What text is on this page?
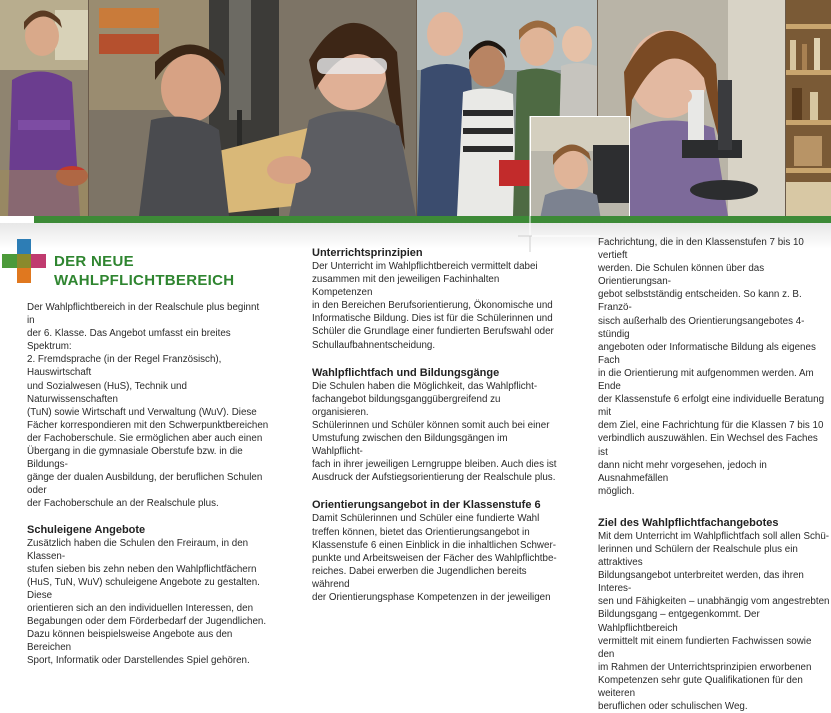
DER NEUE
WAHLPFLICHTBEREICH

Der Wahlpflichtbereich in der Realschule plus beginnt in
der 6. Klasse. Das Angebot umfasst ein breites Spektrum:
2. Fremdsprache (in der Regel Französisch), Hauswirtschaft
und Sozialwesen (HuS), Technik und Naturwissenschaften
(TuN) sowie Wirtschaft und Verwaltung (WuV). Diese
Fächer korrespondieren mit den Schwerpunktbereichen
der Fachoberschule. Sie ermöglichen aber auch einen
Übergang in die gymnasiale Oberstufe bzw. in die Bildungs-
gänge der dualen Ausbildung, der beruflichen Schulen oder
der Fachoberschule an der Realschule plus.

Schuleigene Angebote

Zusätzlich haben die Schulen den Freiraum, in den Klassen-
stufen sieben bis zehn neben den Wahlpflichtfächern
(HuS, TuN, WuV) schuleigene Angebote zu gestalten. Diese
orientieren sich an den individuellen Interessen, den
Begabungen oder dem Förderbedarf der Jugendlichen.
Dazu können beispielsweise Angebote aus den Bereichen
Sport, Informatik oder Darstellendes Spiel gehören.

Unterrichtsprinzipien

Der Unterricht im Wahlpflichtbereich vermittelt dabei
zusammen mit den jeweiligen Fachinhalten Kompetenzen
in den Bereichen Berufsorientierung, Ökonomische und
Informatische Bildung. Dies ist für die Schülerinnen und
Schüler die Grundlage einer fundierten Berufswahl oder
Schullaufbahnentscheidung.

Wahlpflichtfach und Bildungsgänge

Die Schulen haben die Möglichkeit, das Wahlpflicht-
fachangebot bildungsganggübergreifend zu organisieren.
Schülerinnen und Schüler können somit auch bei einer
Umstufung zwischen den Bildungsgängen im Wahlpflicht-
fach in ihrer jeweiligen Lerngruppe bleiben. Auch dies ist
Ausdruck der Aufstiegsorientierung der Realschule plus.

Orientierungsangebot in der Klassenstufe 6

Damit Schülerinnen und Schüler eine fundierte Wahl
treffen können, bietet das Orientierungsangebot in
Klassenstufe 6 einen Einblick in die inhaltlichen Schwer-
punkte und Arbeitsweisen der Fächer des Wahlpflichtbe-
reiches. Dabei erwerben die Jugendlichen bereits während
der Orientierungsphase Kompetenzen in der jeweiligen

Fachrichtung, die in den Klassenstufen 7 bis 10 vertieft
werden. Die Schulen können über das Orientierungsan-
gebot selbstständig entscheiden. So kann z. B. Franzö-
sisch außerhalb des Orientierungsangebotes 4-stündig
angeboten oder Informatische Bildung als eigenes Fach
in die Orientierung mit aufgenommen werden. Am Ende
der Klassenstufe 6 erfolgt eine individuelle Beratung mit
dem Ziel, eine Fachrichtung für die Klassen 7 bis 10
verbindlich auszuwählen. Ein Wechsel des Faches ist
dann nicht mehr vorgesehen, jedoch in Ausnahmefällen
möglich.

Ziel des Wahlpflichtfachangebotes

Mit dem Unterricht im Wahlpflichtfach soll allen Schü-
lerinnen und Schülern der Realschule plus ein attraktives
Bildungsangebot unterbreitet werden, das ihren Interes-
sen und Fähigkeiten – unabhängig vom angestrebten
Bildungsgang – entgegenkommt. Der Wahlpflichtbereich
vermittelt mit einem fundierten Fachwissen sowie den
im Rahmen der Unterrichtsprinzipien erworbenen
Kompetenzen sehr gute Qualifikationen für den weiteren
beruflichen oder schulischen Weg.
